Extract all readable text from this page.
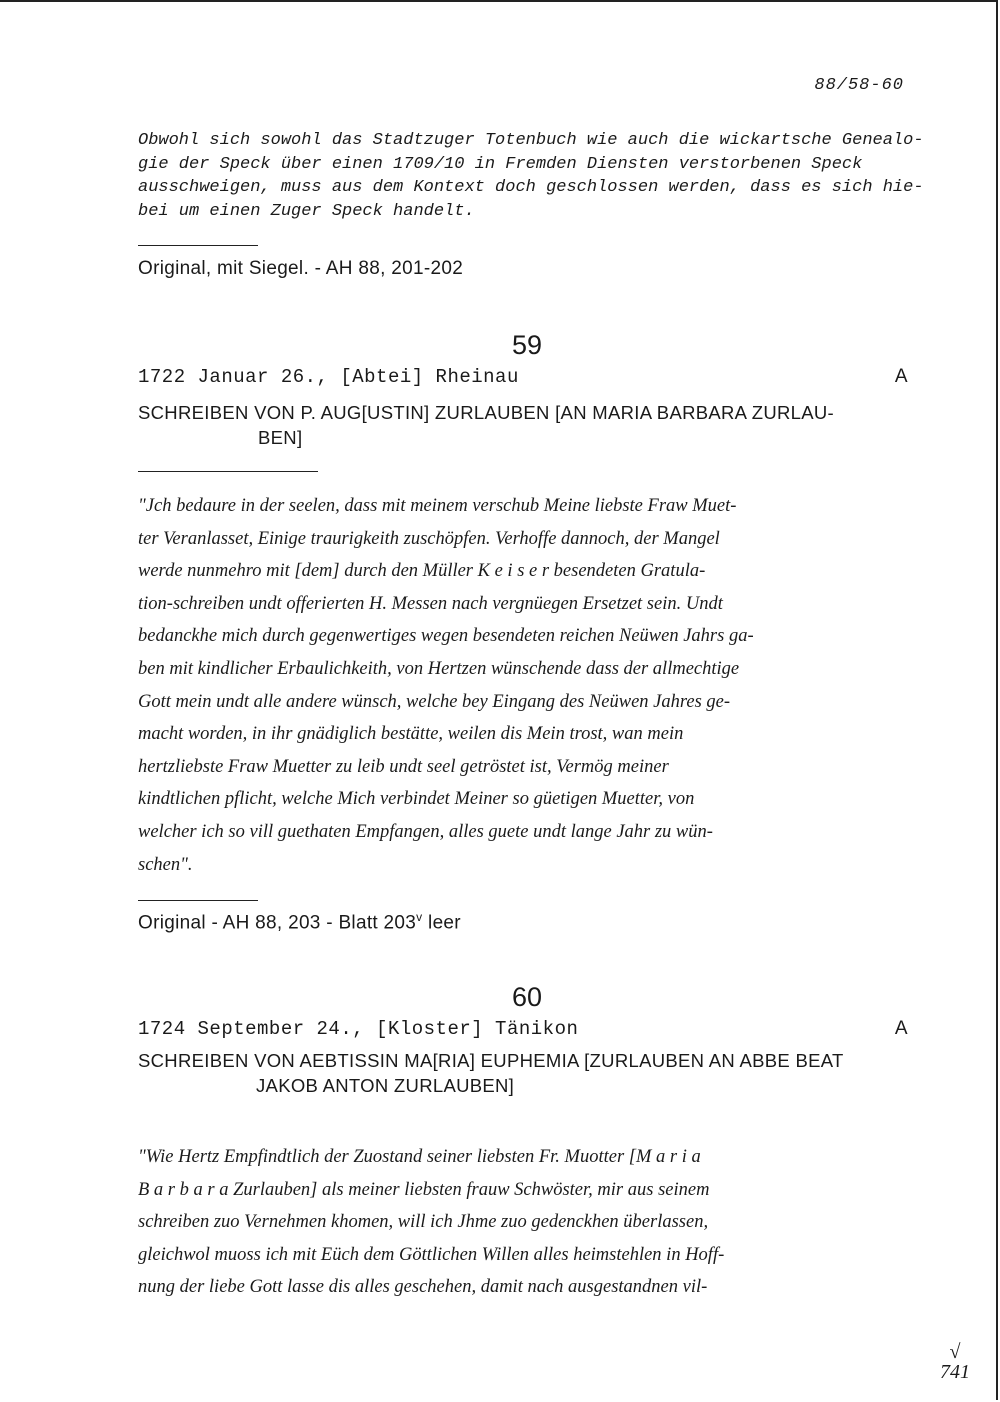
88/58-60

Obwohl sich sowohl das Stadtzuger Totenbuch wie auch die wickartsche Genealo-

gie der Speck über einen 1709/10 in Fremden Diensten verstorbenen Speck

ausschweigen, muss aus dem Kontext doch geschlossen werden, dass es sich hie-

bei um einen Zuger Speck handelt.

Original, mit Siegel. - AH 88, 201-202
59
1722 Januar 26., [Abtei] Rheinau	A

SCHREIBEN VON P. AUG[USTIN] ZURLAUBEN [AN MARIA BARBARA ZURLAU-

BEN]

"Jch bedaure in der seelen, dass mit meinem verschub Meine liebste Fraw Muet-

ter Veranlasset, Einige traurigkeith zuschöpfen. Verhoffe dannoch, der Mangel

werde nunmehro mit [dem] durch den Müller K e i s e r besendeten Gratula-

tion-schreiben undt offerierten H. Messen nach vergnüegen Ersetzet sein. Undt

bedanckhe mich durch gegenwertiges wegen besendeten reichen Neüwen Jahrs ga-

ben mit kindlicher Erbaulichkeith, von Hertzen wünschende dass der allmechtige

Gott mein undt alle andere wünsch, welche bey Eingang des Neüwen Jahres ge-

macht worden, in ihr gnädiglich bestätte, weilen dis Mein trost, wan mein

hertzliebste Fraw Muetter zu leib undt seel getröstet ist, Vermög meiner

kindtlichen pflicht, welche Mich verbindet Meiner so güetigen Muetter, von

welcher ich so vill guethaten Empfangen, alles guete undt lange Jahr zu wün-

schen".

Original - AH 88, 203 - Blatt 203$^v$ leer
60
1724 September 24., [Kloster] Tänikon	A

SCHREIBEN VON AEBTISSIN MA[RIA] EUPHEMIA [ZURLAUBEN AN ABBE BEAT

JAKOB ANTON ZURLAUBEN]

"Wie Hertz Empfindtlich der Zuostand seiner liebsten Fr. Muotter [M a r i a

B a r b a r a Zurlauben] als meiner liebsten frauw Schwöster, mir aus seinem

schreiben zuo Vernehmen khomen, will ich Jhme zuo gedenckhen überlassen,

gleichwol muoss ich mit Eüch dem Göttlichen Willen alles heimstehlen in Hoff-

nung der liebe Gott lasse dis alles geschehen, damit nach ausgestandnen vil-

√
741
